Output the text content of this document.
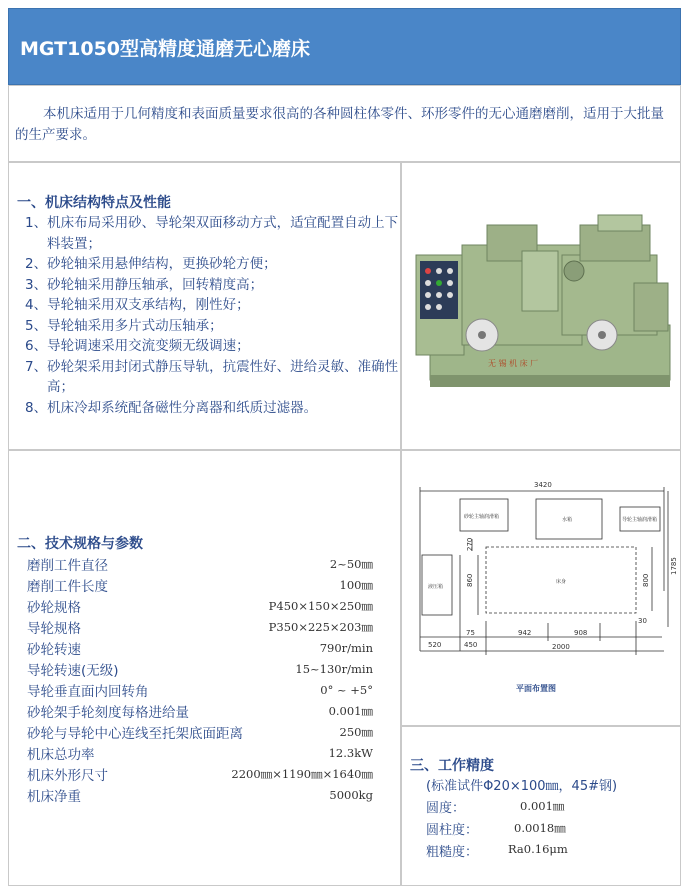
MGT1050型高精度通磨无心磨床

本机床适用于几何精度和表面质量要求很高的各种圆柱体零件、环形零件的无心通磨磨削，适用于大批量的生产要求。

一、机床结构特点及性能
1、机床布局采用砂、导轮架双面移动方式，适宜配置自动上下料装置；
2、砂轮轴采用悬伸结构，更换砂轮方便；
3、砂轮轴采用静压轴承，回转精度高；
4、导轮轴采用双支承结构，刚性好；
5、导轮轴采用多片式动压轴承；
6、导轮调速采用交流变频无级调速；
7、砂轮架采用封闭式静压导轨，抗震性好、进给灵敏、准确性高；
8、机床冷却系统配备磁性分离器和纸质过滤器。
无 锡 机 床 厂
二、技术规格与参数
磨削工件直径	2~50㎜
磨削工件长度	100㎜
砂轮规格	P450×150×250㎜
导轮规格	P350×225×203㎜
砂轮转速	790r/min
导轮转速(无级)	15~130r/min
导轮垂直面内回转角	0° ~ +5°
砂轮架手轮刻度每格进给量	0.001㎜
砂轮与导轮中心连线至托架底面距离	250㎜
机床总功率	12.3kW
机床外形尺寸	2200㎜×1190㎜×1640㎜
机床净重	5000kg
3420
520	450	2000
942	908
75
30
860	800
270
1785
砂轮主轴润滑箱	水箱	导轮主轴润滑箱
液压箱
床身
平面布置图
三、工作精度
(标准试件Φ20×100㎜，45#钢)
圆度：	0.001㎜
圆柱度：	0.0018㎜
粗糙度：	Ra0.16μm
